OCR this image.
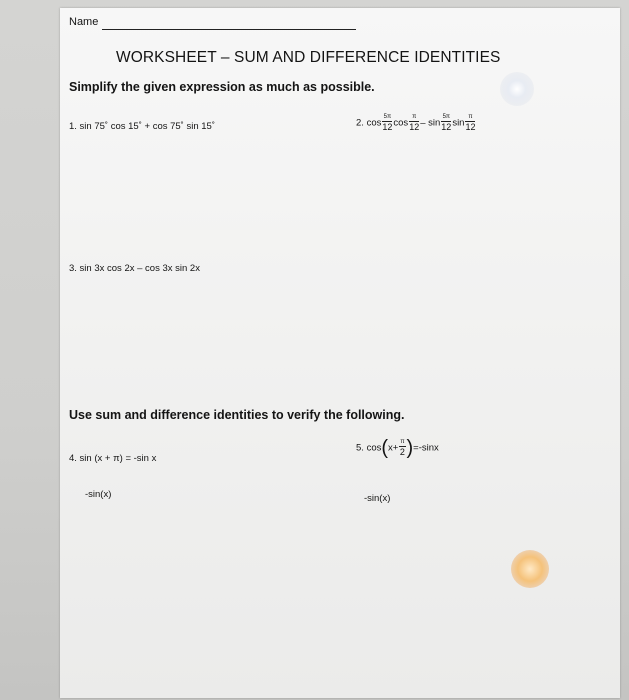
Name
WORKSHEET – SUM AND DIFFERENCE IDENTITIES
Simplify the given expression as much as possible.
1. sin 75˚ cos 15˚ + cos 75˚ sin 15˚	2. $\cos \frac{5\pi}{12}$ $\cos \frac{\pi}{12}$ – $\sin \frac{5\pi}{12}$ $\sin \frac{\pi}{12}$
3. sin 3x cos 2x – cos 3x sin 2x
Use sum and difference identities to verify the following.
4. sin (x + π) = -sin x
-sin(x)
5. $\cos(x+ \frac{\pi}{2} )=-\sin x$
-sin(x)
